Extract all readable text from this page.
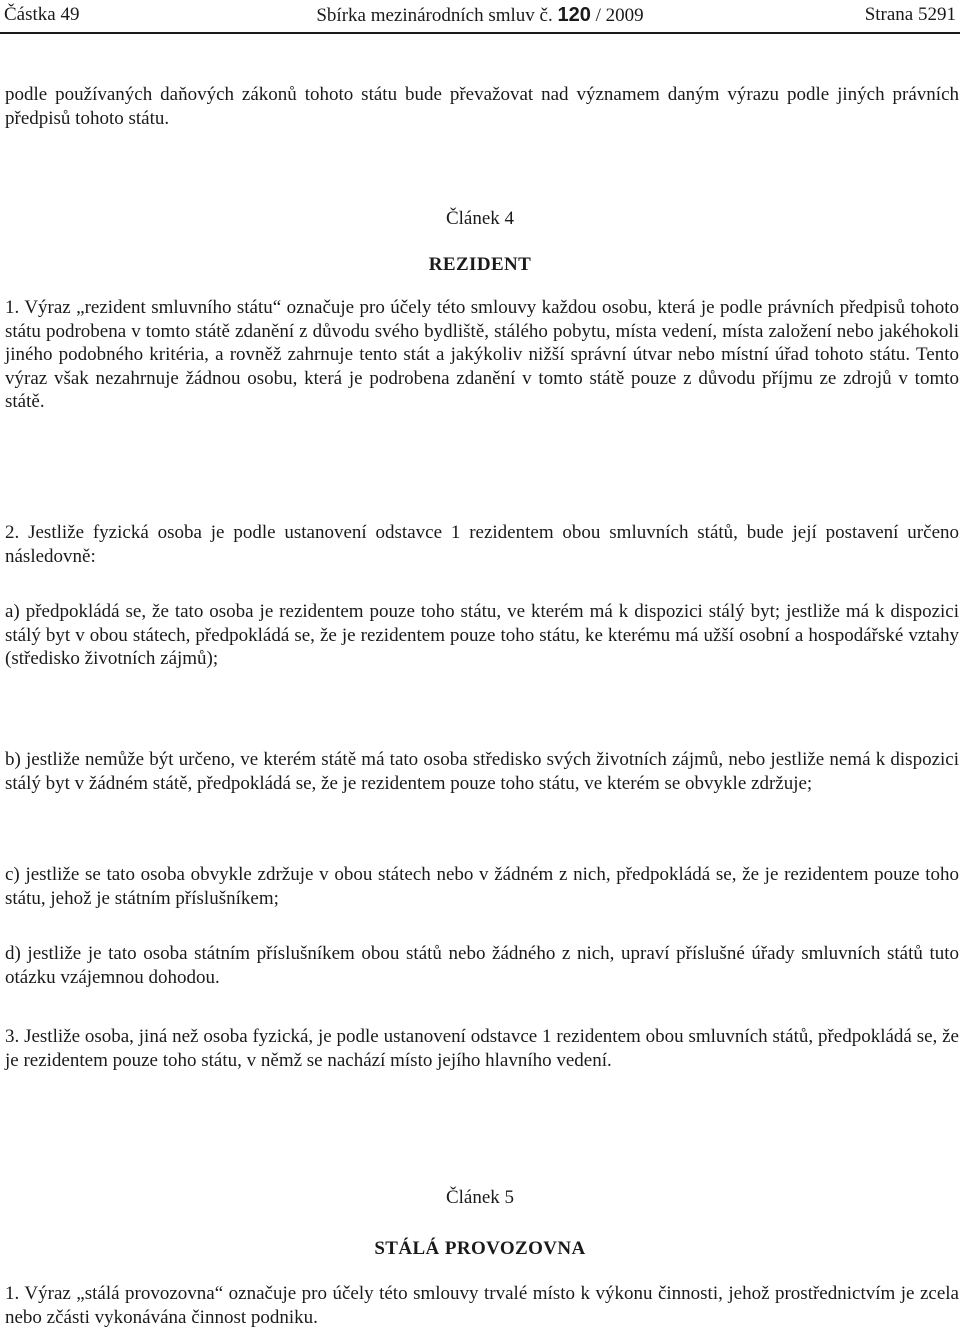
Částka 49	Sbírka mezinárodních smluv č. 120 / 2009	Strana 5291

podle používaných daňových zákonů tohoto státu bude převažovat nad významem daným výrazu podle jiných právních předpisů tohoto státu.

Článek 4

REZIDENT

1. Výraz „rezident smluvního státu“ označuje pro účely této smlouvy každou osobu, která je podle právních předpisů tohoto státu podrobena v tomto státě zdanění z důvodu svého bydliště, stálého pobytu, místa vedení, místa založení nebo jakéhokoli jiného podobného kritéria, a rovněž zahrnuje tento stát a jakýkoliv nižší správní útvar nebo místní úřad tohoto státu. Tento výraz však nezahrnuje žádnou osobu, která je podrobena zdanění v tomto státě pouze z důvodu příjmu ze zdrojů v tomto státě.

2. Jestliže fyzická osoba je podle ustanovení odstavce 1 rezidentem obou smluvních států, bude její postavení určeno následovně:

a) předpokládá se, že tato osoba je rezidentem pouze toho státu, ve kterém má k dispozici stálý byt; jestliže má k dispozici stálý byt v obou státech, předpokládá se, že je rezidentem pouze toho státu, ke kterému má užší osobní a hospodářské vztahy (středisko životních zájmů);

b) jestliže nemůže být určeno, ve kterém státě má tato osoba středisko svých životních zájmů, nebo jestliže nemá k dispozici stálý byt v žádném státě, předpokládá se, že je rezidentem pouze toho státu, ve kterém se obvykle zdržuje;

c) jestliže se tato osoba obvykle zdržuje v obou státech nebo v žádném z nich, předpokládá se, že je rezidentem pouze toho státu, jehož je státním příslušníkem;

d) jestliže je tato osoba státním příslušníkem obou států nebo žádného z nich, upraví příslušné úřady smluvních států tuto otázku vzájemnou dohodou.

3. Jestliže osoba, jiná než osoba fyzická, je podle ustanovení odstavce 1 rezidentem obou smluvních států, předpokládá se, že je rezidentem pouze toho státu, v němž se nachází místo jejího hlavního vedení.

Článek 5

STÁLÁ PROVOZOVNA

1. Výraz „stálá provozovna“ označuje pro účely této smlouvy trvalé místo k výkonu činnosti, jehož prostřednictvím je zcela nebo zčásti vykonávána činnost podniku.
